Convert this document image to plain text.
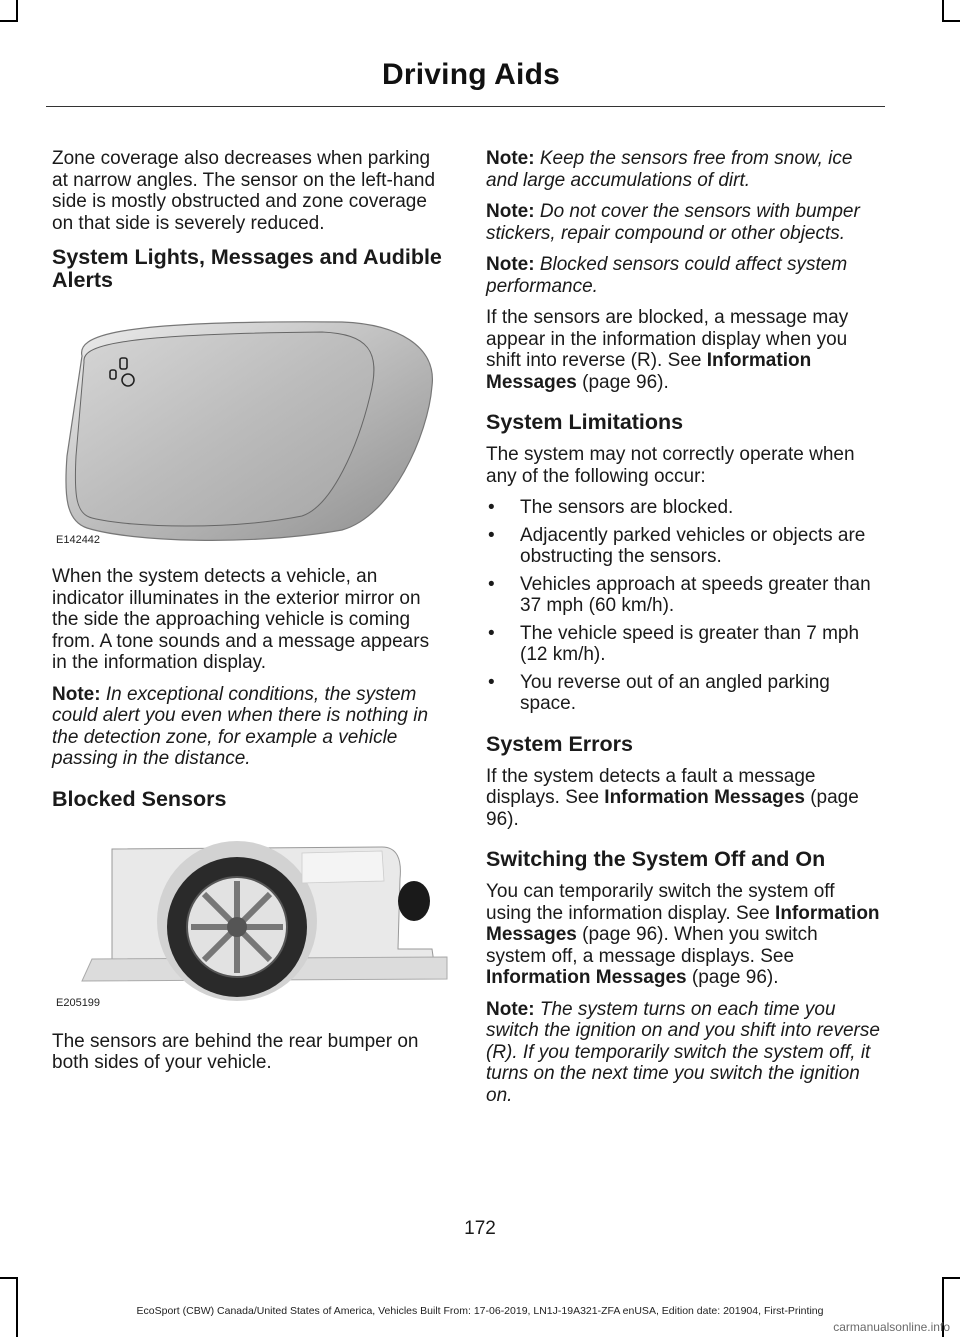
Driving Aids

Zone coverage also decreases when parking at narrow angles. The sensor on the left-hand side is mostly obstructed and zone coverage on that side is severely reduced.

System Lights, Messages and Audible Alerts
E142442

When the system detects a vehicle, an indicator illuminates in the exterior mirror on the side the approaching vehicle is coming from. A tone sounds and a message appears in the information display.

Note: In exceptional conditions, the system could alert you even when there is nothing in the detection zone, for example a vehicle passing in the distance.

Blocked Sensors
E205199

The sensors are behind the rear bumper on both sides of your vehicle.

Note: Keep the sensors free from snow, ice and large accumulations of dirt.

Note: Do not cover the sensors with bumper stickers, repair compound or other objects.

Note: Blocked sensors could affect system performance.

If the sensors are blocked, a message may appear in the information display when you shift into reverse (R). See Information Messages (page 96).

System Limitations

The system may not correctly operate when any of the following occur:

• The sensors are blocked.
• Adjacently parked vehicles or objects are obstructing the sensors.
• Vehicles approach at speeds greater than 37 mph (60 km/h).
• The vehicle speed is greater than 7 mph (12 km/h).
• You reverse out of an angled parking space.
System Errors

If the system detects a fault a message displays. See Information Messages (page 96).

Switching the System Off and On

You can temporarily switch the system off using the information display. See Information Messages (page 96). When you switch system off, a message displays. See Information Messages (page 96).

Note: The system turns on each time you switch the ignition on and you shift into reverse (R). If you temporarily switch the system off, it turns on the next time you switch the ignition on.

172
EcoSport (CBW) Canada/United States of America, Vehicles Built From: 17-06-2019, LN1J-19A321-ZFA enUSA, Edition date: 201904, First-Printing
carmanualsonline.info
